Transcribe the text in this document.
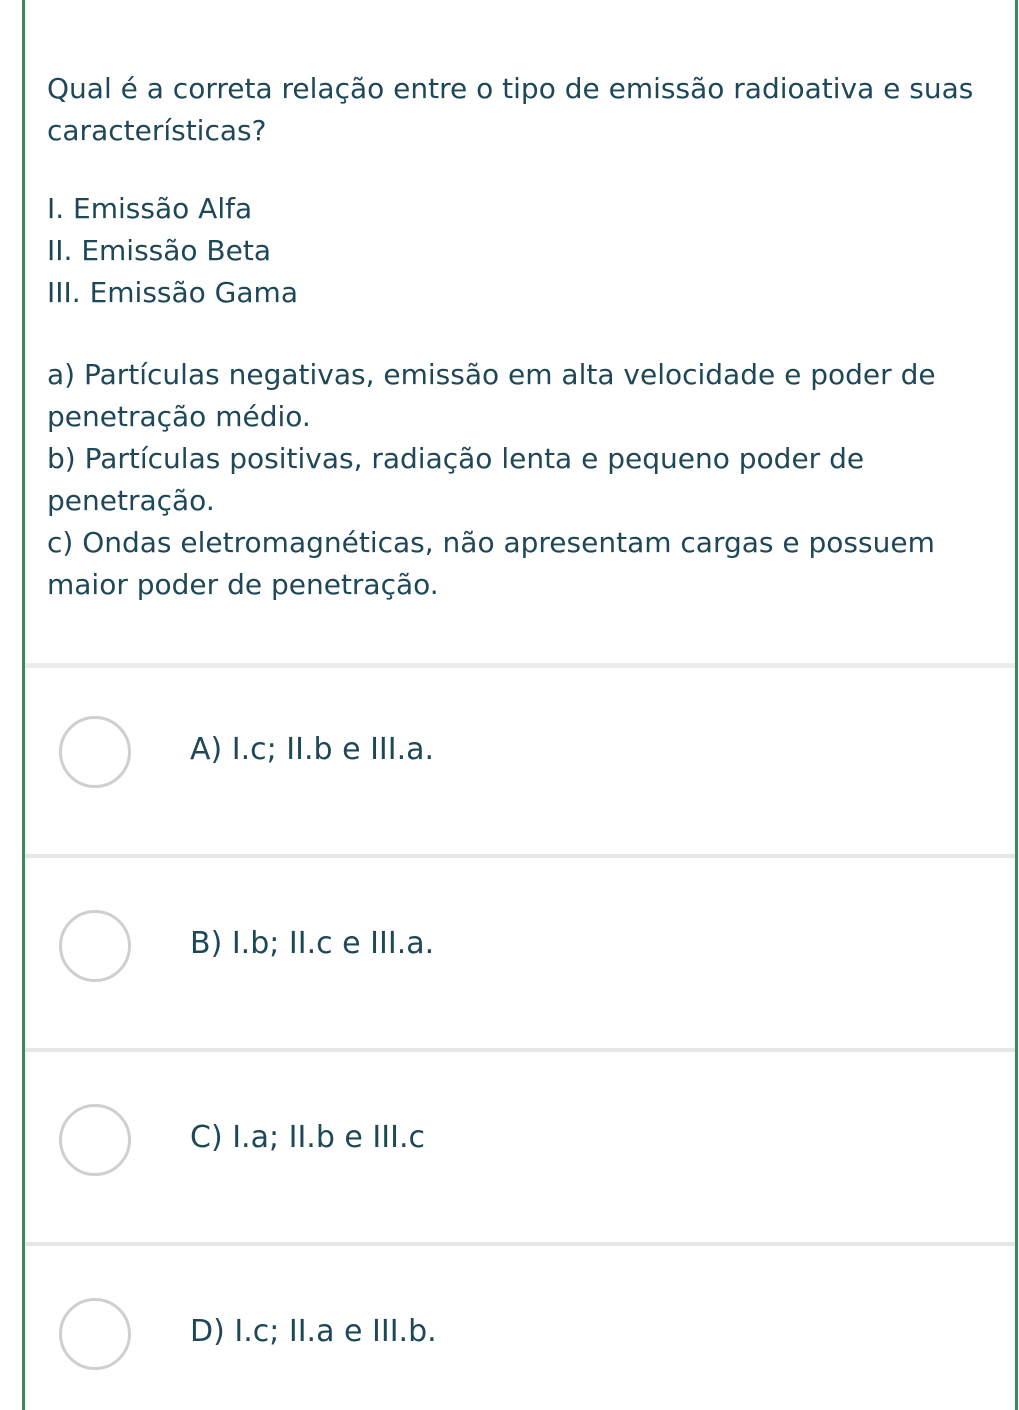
Qual é a correta relação entre o tipo de emissão radioativa e suas características?
I. Emissão Alfa
II. Emissão Beta
III. Emissão Gama
a) Partículas negativas, emissão em alta velocidade e poder de penetração médio.
b) Partículas positivas, radiação lenta e pequeno poder de penetração.
c) Ondas eletromagnéticas, não apresentam cargas e possuem maior poder de penetração.
A) I.c; II.b e III.a.
B) I.b; II.c e III.a.
C) I.a; II.b e III.c
D) I.c; II.a e III.b.
